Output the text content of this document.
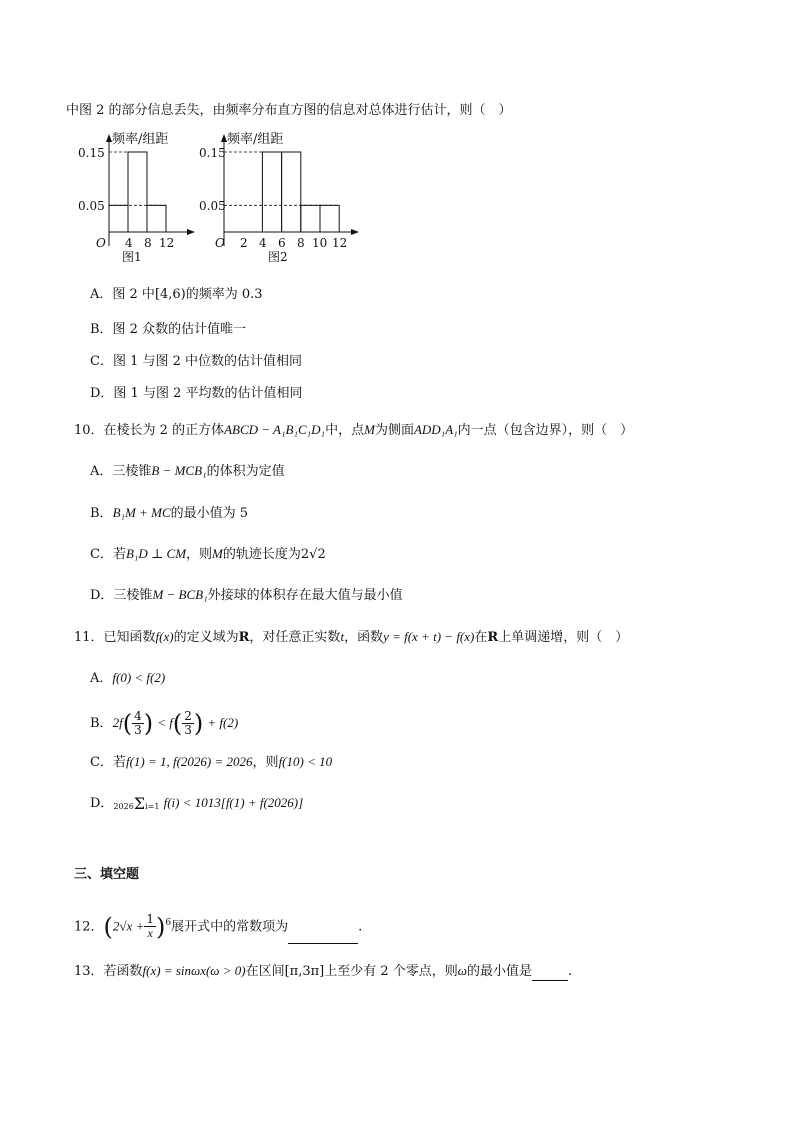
中图 2 的部分信息丢失，由频率分布直方图的信息对总体进行估计，则（　）
频率/组距
0.15
0.05
O 4 8 12
图1
频率/组距
0.15
0.05
O 2 4 6 8 10 12
图2
A．图 2 中[4,6)的频率为 0.3
B．图 2 众数的估计值唯一
C．图 1 与图 2 中位数的估计值相同
D．图 1 与图 2 平均数的估计值相同
10．在棱长为 2 的正方体ABCD − A₁B₁C₁D₁中，点M为侧面ADD₁A₁内一点（包含边界），则（　）
A．三棱锥B − MCB₁的体积为定值
B．B₁M + MC的最小值为 5
C．若B₁D ⊥ CM，则M的轨迹长度为2√2
D．三棱锥M − BCB₁外接球的体积存在最大值与最小值
11．已知函数f(x)的定义域为R，对任意正实数t，函数y = f(x + t) − f(x)在R上单调递增，则（　）
A．f(0) < f(2)
B．$2f( \frac{4}{3}$ ) < $f( \frac{2}{3}$ ) + f(2)
C．若f(1) = 1, f(2026) = 2026，则f(10) < 10
D．2026Σi=1 f(i) < 1013[f(1) + f(2026)]
三、填空题
12．$(2√x + \frac{1}{x} )^6$展开式中的常数项为	.
13．若函数f(x) = sinωx(ω > 0)在区间[π,3π]上至少有 2 个零点，则ω的最小值是	.
